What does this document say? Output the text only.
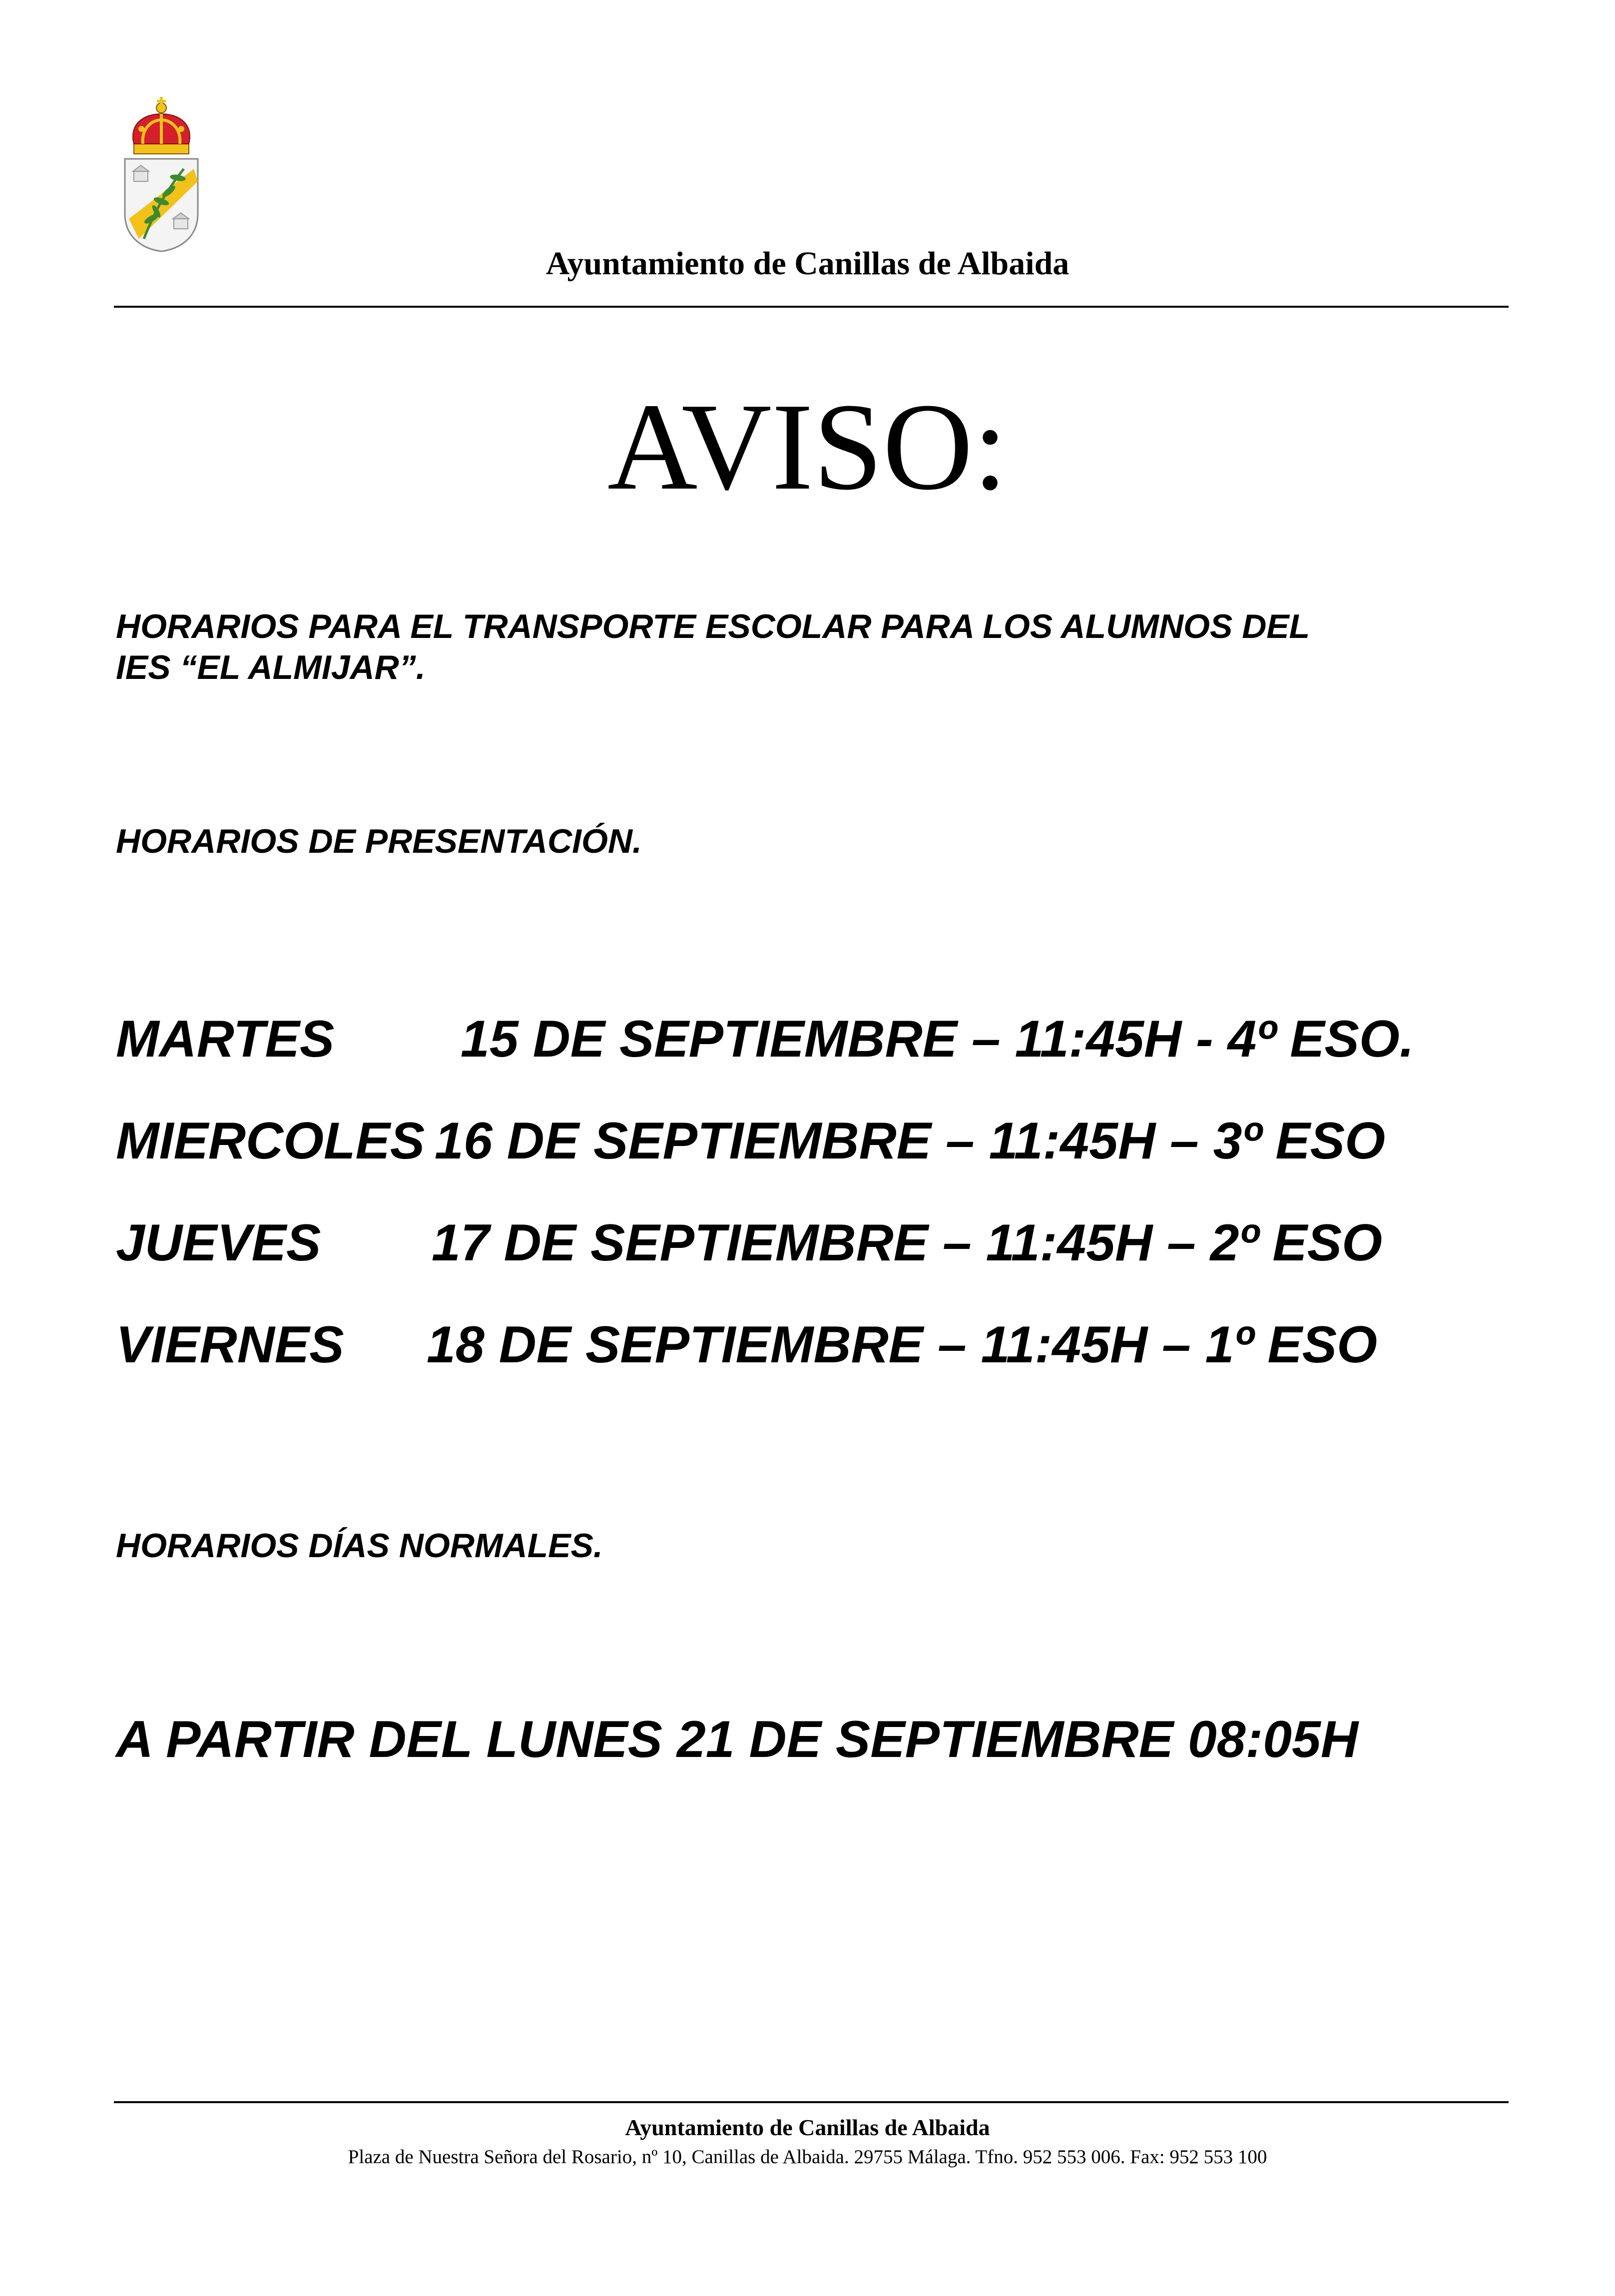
Ayuntamiento de Canillas de Albaida
AVISO:
HORARIOS PARA EL TRANSPORTE ESCOLAR PARA LOS ALUMNOS DEL
IES “EL ALMIJAR”.
HORARIOS DE PRESENTACIÓN.
MARTES 15 DE SEPTIEMBRE – 11:45H - 4º ESO.
MIERCOLES 16 DE SEPTIEMBRE – 11:45H – 3º ESO
JUEVES 17 DE SEPTIEMBRE – 11:45H – 2º ESO
VIERNES 18 DE SEPTIEMBRE – 11:45H – 1º ESO
HORARIOS DÍAS NORMALES.
A PARTIR DEL LUNES 21 DE SEPTIEMBRE 08:05H
Ayuntamiento de Canillas de Albaida
Plaza de Nuestra Señora del Rosario, nº 10, Canillas de Albaida. 29755 Málaga. Tfno. 952 553 006. Fax: 952 553 100
